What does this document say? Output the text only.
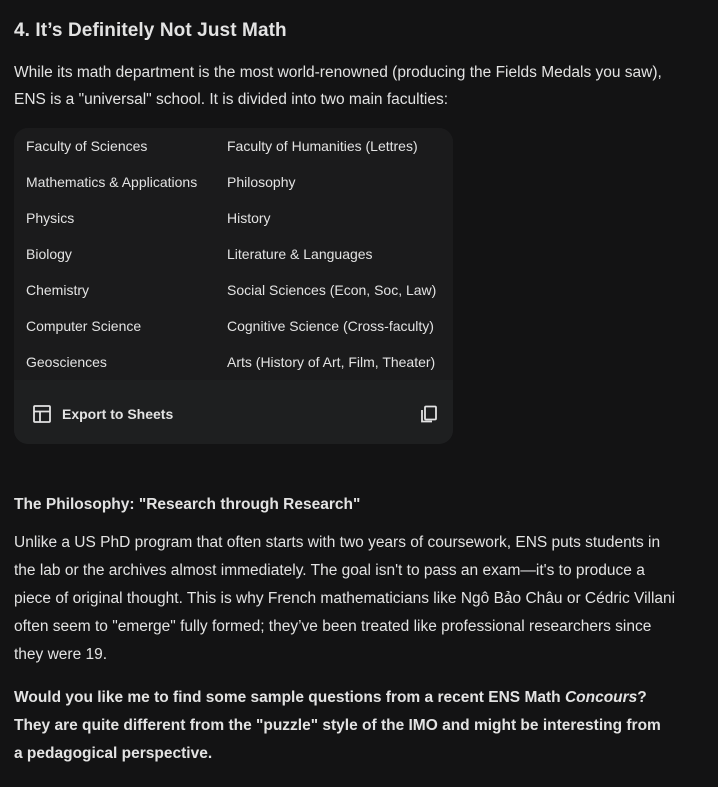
4. It’s Definitely Not Just Math

While its math department is the most world-renowned (producing the Fields Medals you saw),
ENS is a "universal" school. It is divided into two main faculties:

Faculty of Sciences	Faculty of Humanities (Lettres)
Mathematics & Applications	Philosophy
Physics	History
Biology	Literature & Languages
Chemistry	Social Sciences (Econ, Soc, Law)
Computer Science	Cognitive Science (Cross-faculty)
Geosciences	Arts (History of Art, Film, Theater)
Export to Sheets
The Philosophy: "Research through Research"

Unlike a US PhD program that often starts with two years of coursework, ENS puts students in
the lab or the archives almost immediately. The goal isn't to pass an exam—it's to produce a
piece of original thought. This is why French mathematicians like Ngô Bảo Châu or Cédric Villani
often seem to "emerge" fully formed; they’ve been treated like professional researchers since
they were 19.

Would you like me to find some sample questions from a recent ENS Math Concours?
They are quite different from the "puzzle" style of the IMO and might be interesting from
a pedagogical perspective.
